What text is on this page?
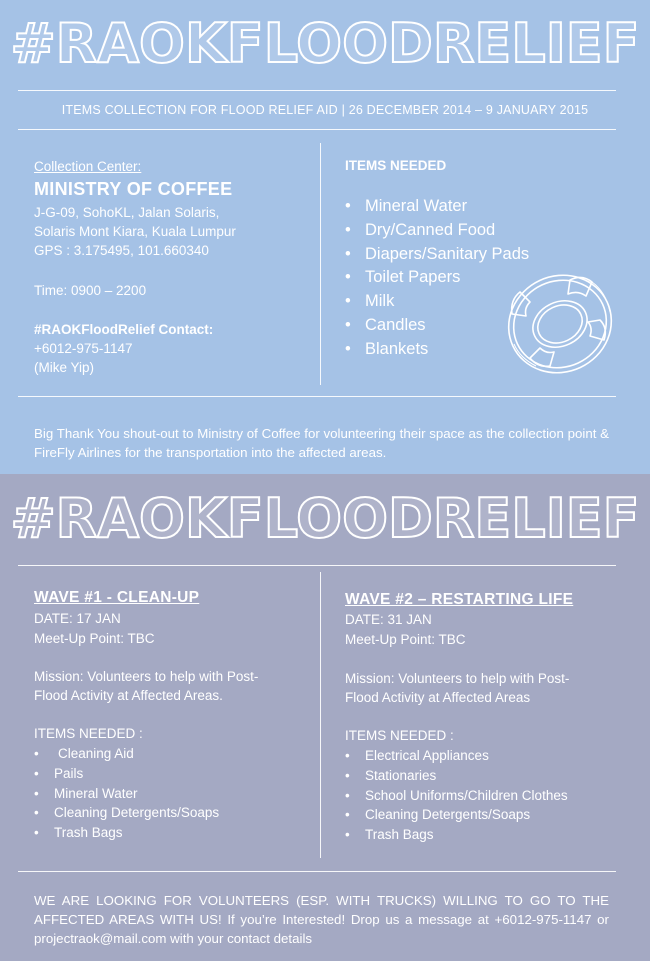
#RAOKFLOODRELIEF
ITEMS COLLECTION FOR FLOOD RELIEF AID | 26 DECEMBER 2014 – 9 JANUARY 2015
Collection Center:
MINISTRY OF COFFEE
J-G-09, SohoKL, Jalan Solaris,
Solaris Mont Kiara, Kuala Lumpur
GPS : 3.175495, 101.660340
Time: 0900 – 2200
#RAOKFloodRelief Contact:
+6012-975-1147
(Mike Yip)
ITEMS NEEDED
• Mineral Water
• Dry/Canned Food
• Diapers/Sanitary Pads
• Toilet Papers
• Milk
• Candles
• Blankets
Big Thank You shout-out to Ministry of Coffee for volunteering their space as the collection point & FireFly Airlines for the transportation into the affected areas.
#RAOKFLOODRELIEF
WAVE #1 - CLEAN-UP
DATE: 17 JAN
Meet-Up Point: TBC
Mission: Volunteers to help with Post-
Flood Activity at Affected Areas.
ITEMS NEEDED :
• Cleaning Aid
• Pails
• Mineral Water
• Cleaning Detergents/Soaps
• Trash Bags
WAVE #2 – RESTARTING LIFE
DATE: 31 JAN
Meet-Up Point: TBC
Mission: Volunteers to help with Post-
Flood Activity at Affected Areas
ITEMS NEEDED :
• Electrical Appliances
• Stationaries
• School Uniforms/Children Clothes
• Cleaning Detergents/Soaps
• Trash Bags
WE ARE LOOKING FOR VOLUNTEERS (ESP. WITH TRUCKS) WILLING TO GO TO THE AFFECTED AREAS WITH US! If you’re Interested! Drop us a message at +6012-975-1147 or projectraok@mail.com with your contact details
